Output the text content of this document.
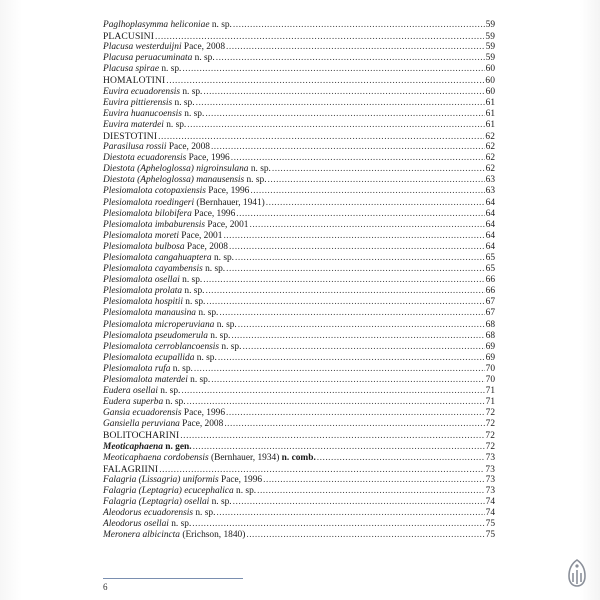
Paglhoplasymma heliconiae n. sp. .....	59
PLACUSINI .....	59
Placusa westerduijni Pace, 2008 .....	59
Placusa peruacuminata n. sp. .....	59
Placusa spirae n. sp. .....	60
HOMALOTINI .....	60
Euvira ecuadorensis n. sp. .....	60
Euvira pittierensis n. sp. .....	61
Euvira huanucoensis n. sp. .....	61
Euvira materdei n. sp. .....	61
DIESTOTINI .....	62
Parasilusa rossii Pace, 2008 .....	62
Diestota ecuadorensis Pace, 1996 .....	62
Diestota (Apheloglossa) nigroinsulana n. sp. .....	62
Diestota (Apheloglossa) manausensis n. sp. .....	63
Plesiomalota cotopaxiensis Pace, 1996 .....	63
Plesiomalota roedingeri (Bernhauer, 1941) .....	64
Plesiomalota bilobifera Pace, 1996 .....	64
Plesiomalota imbaburensis Pace, 2001 .....	64
Plesiomalota moreti Pace, 2001 .....	64
Plesiomalota bulbosa Pace, 2008 .....	64
Plesiomalota cangahuaptera n. sp. .....	65
Plesiomalota cayambensis n. sp. .....	65
Plesiomalota osellai n. sp. .....	66
Plesiomalota prolata n. sp. .....	66
Plesiomalota hospitii n. sp. .....	67
Plesiomalota manausina n. sp. .....	67
Plesiomalota microperuviana n. sp. .....	68
Plesiomalota pseudomerula n. sp. .....	68
Plesiomalota cerroblancoensis n. sp. .....	69
Plesiomalota ecupallida n. sp. .....	69
Plesiomalota rufa n. sp. .....	70
Plesiomalota materdei n. sp. .....	70
Eudera osellai n. sp. .....	71
Eudera superba n. sp. .....	71
Gansia ecuadorensis Pace, 1996 .....	72
Gansiella peruviana Pace, 2008 .....	72
BOLITOCHARINI .....	72
Meoticaphaena n. gen. .....	72
Meoticaphaena cordobensis (Bernhauer, 1934) n. comb. .....	73
FALAGRIINI .....	73
Falagria (Lissagria) uniformis Pace, 1996 .....	73
Falagria (Leptagria) ecucephalica n. sp. .....	73
Falagria (Leptagria) osellai n. sp. .....	74
Aleodorus ecuadorensis n. sp. .....	74
Aleodorus osellai n. sp. .....	75
Meronera albicincta (Erichson, 1840) .....	75
6
